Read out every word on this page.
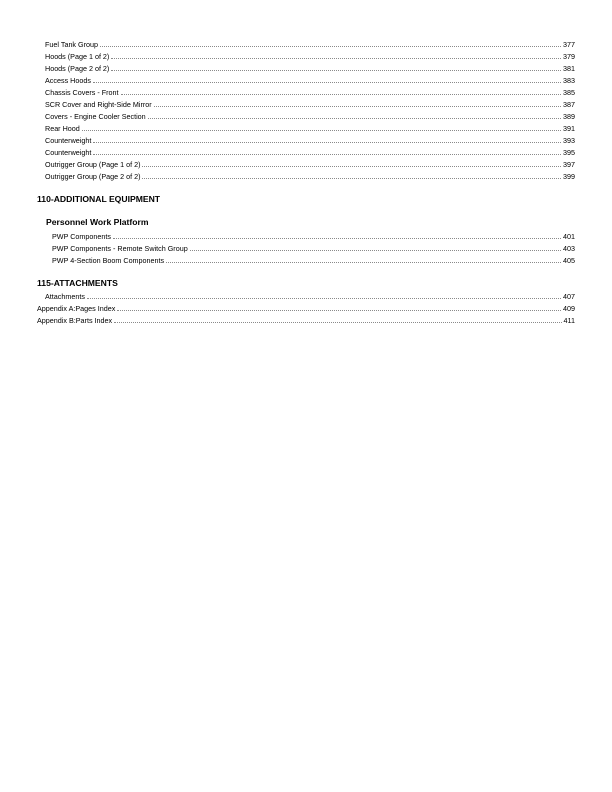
Fuel Tank Group	377
Hoods (Page 1 of 2)	379
Hoods (Page 2 of 2)	381
Access Hoods	383
Chassis Covers - Front	385
SCR Cover and Right-Side Mirror	387
Covers - Engine Cooler Section	389
Rear Hood	391
Counterweight	393
Counterweight	395
Outrigger Group (Page 1 of 2)	397
Outrigger Group (Page 2 of 2)	399
110-ADDITIONAL EQUIPMENT
Personnel Work Platform
PWP Components	401
PWP Components - Remote Switch Group	403
PWP 4-Section Boom Components	405
115-ATTACHMENTS
Attachments	407
Appendix A:Pages Index	409
Appendix B:Parts Index	411
